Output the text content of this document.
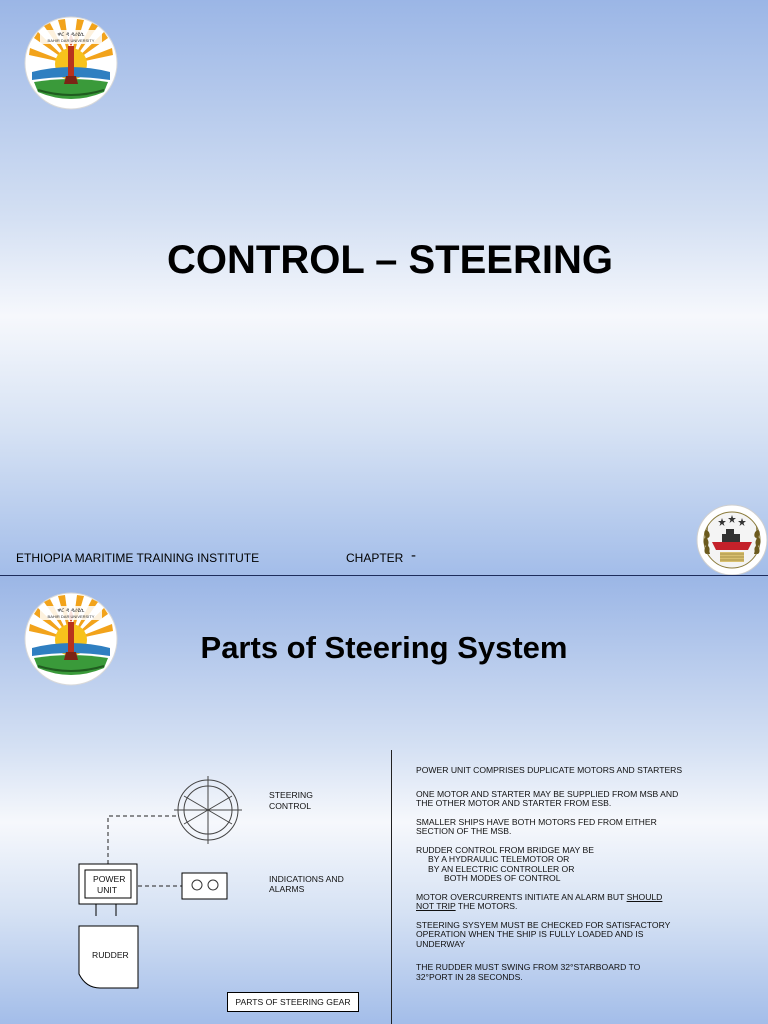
ዋር ዳ ዳሪዩሲ
BAHIR DAR UNIVERSITY
CONTROL – STEERING
ETHIOPIA MARITIME TRAINING INSTITUTE	CHAPTER -
ዋር ዳ ዳሪዩሲ
BAHIR DAR UNIVERSITY
Parts of Steering System
STEERING
CONTROL
POWER
UNIT
INDICATIONS AND
ALARMS
RUDDER
PARTS OF STEERING GEAR
POWER UNIT COMPRISES DUPLICATE MOTORS AND STARTERS
ONE MOTOR AND STARTER MAY BE SUPPLIED FROM MSB AND
THE OTHER MOTOR AND STARTER FROM ESB.
SMALLER SHIPS HAVE BOTH MOTORS FED FROM EITHER
SECTION OF THE MSB.
RUDDER CONTROL FROM BRIDGE MAY BE
BY A HYDRAULIC TELEMOTOR OR
BY AN ELECTRIC CONTROLLER OR
BOTH MODES OF CONTROL
MOTOR OVERCURRENTS INITIATE AN ALARM BUT SHOULD
NOT TRIP THE MOTORS.
STEERING SYSYEM MUST BE CHECKED FOR SATISFACTORY
OPERATION WHEN THE SHIP IS FULLY LOADED AND IS
UNDERWAY
THE RUDDER MUST SWING FROM 32°STARBOARD TO
32°PORT IN 28 SECONDS.
